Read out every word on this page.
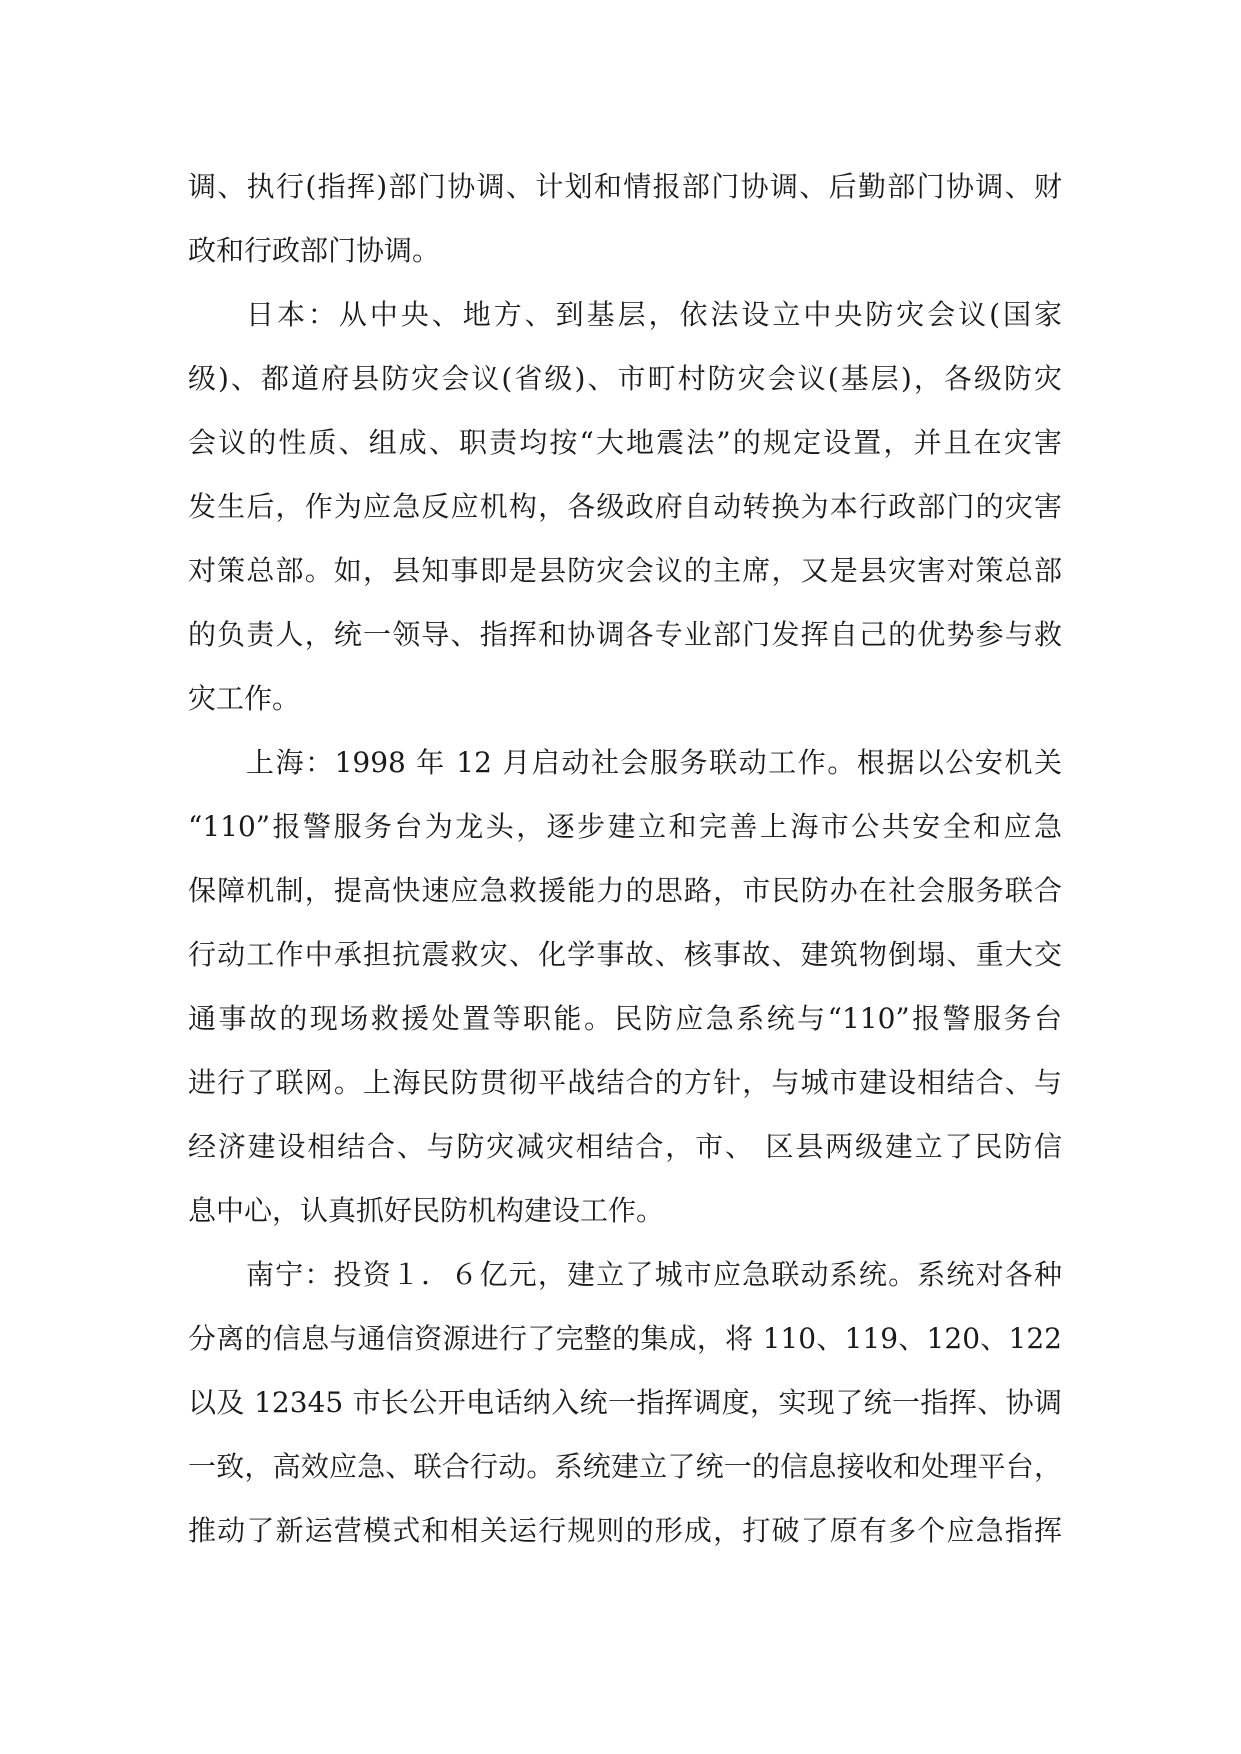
调、执行(指挥)部门协调、计划和情报部门协调、后勤部门协调、财
政和行政部门协调。
日本：从中央、地方、到基层，依法设立中央防灾会议(国家
级)、都道府县防灾会议(省级)、市町村防灾会议(基层)，各级防灾
会议的性质、组成、职责均按“大地震法”的规定设置，并且在灾害
发生后，作为应急反应机构，各级政府自动转换为本行政部门的灾害
对策总部。如，县知事即是县防灾会议的主席，又是县灾害对策总部
的负责人，统一领导、指挥和协调各专业部门发挥自己的优势参与救
灾工作。
上海：1998 年 12 月启动社会服务联动工作。根据以公安机关
“110”报警服务台为龙头，逐步建立和完善上海市公共安全和应急
保障机制，提高快速应急救援能力的思路，市民防办在社会服务联合
行动工作中承担抗震救灾、化学事故、核事故、建筑物倒塌、重大交
通事故的现场救援处置等职能。民防应急系统与“110”报警服务台
进行了联网。上海民防贯彻平战结合的方针，与城市建设相结合、与
经济建设相结合、与防灾减灾相结合，市、 区县两级建立了民防信
息中心，认真抓好民防机构建设工作。
南宁：投资１．６亿元，建立了城市应急联动系统。系统对各种
分离的信息与通信资源进行了完整的集成，将 110、119、120、122
以及 12345 市长公开电话纳入统一指挥调度，实现了统一指挥、协调
一致，高效应急、联合行动。系统建立了统一的信息接收和处理平台，
推动了新运营模式和相关运行规则的形成，打破了原有多个应急指挥
